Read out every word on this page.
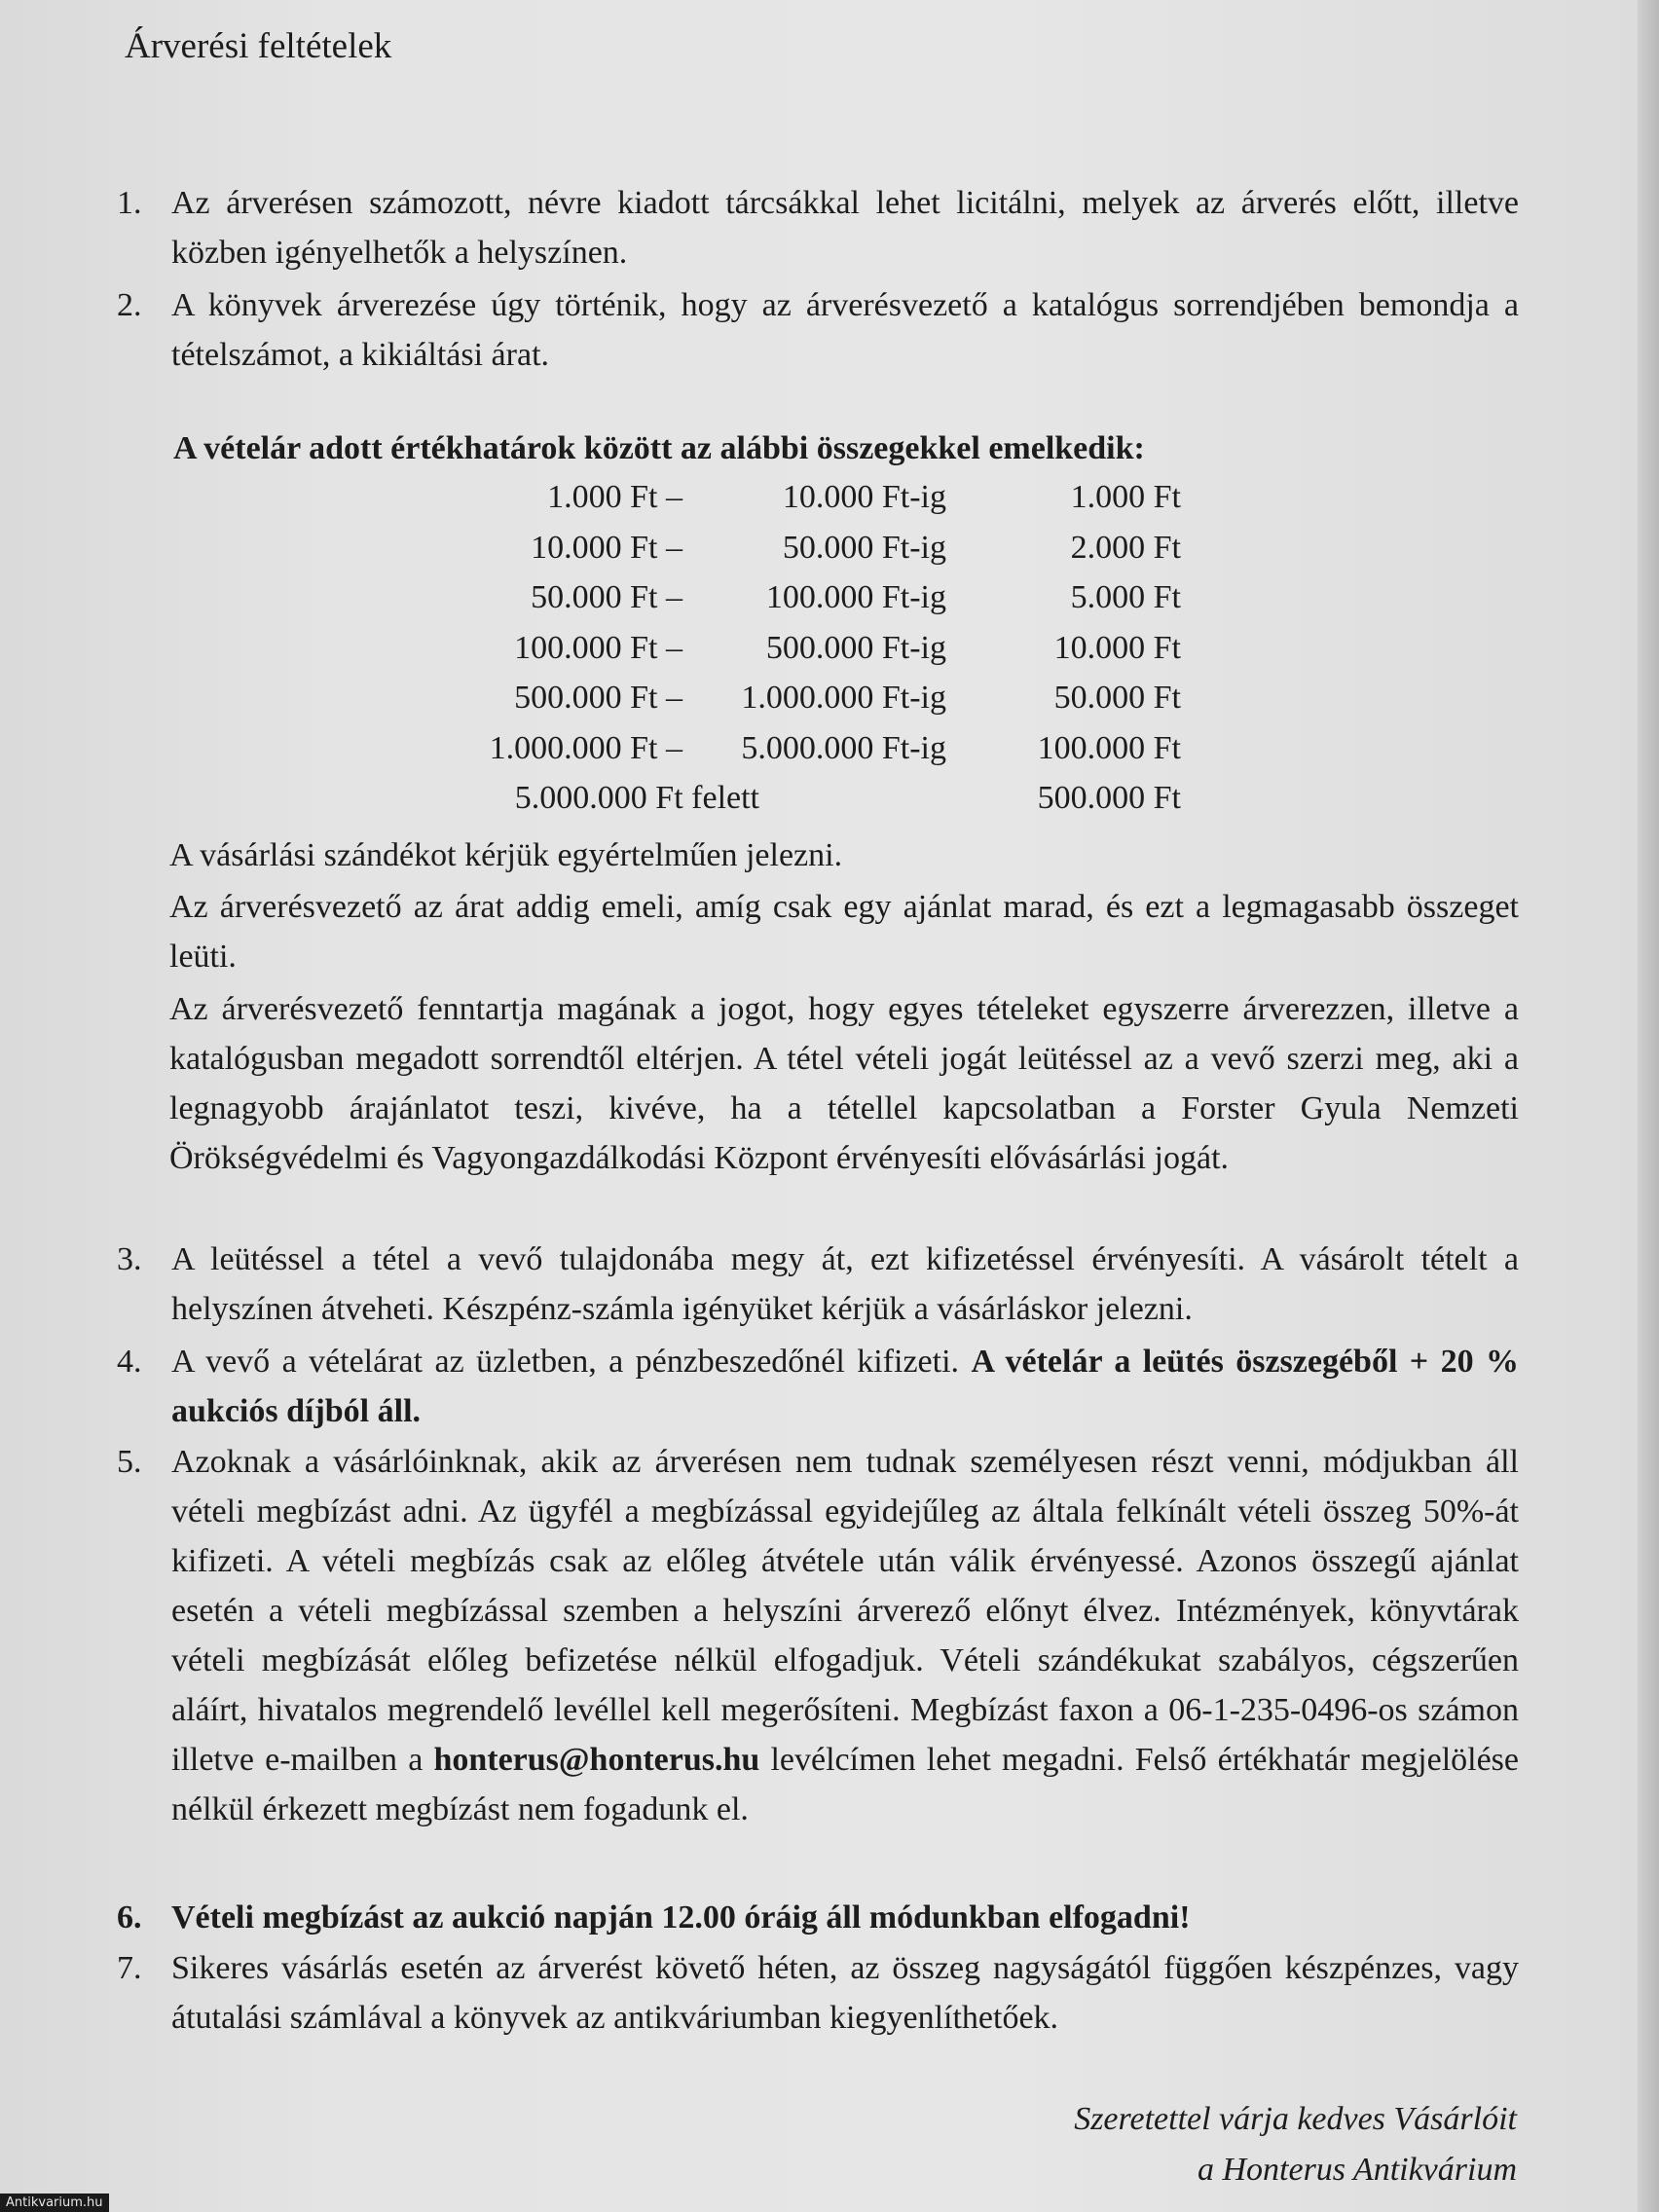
Árverési feltételek
1. Az árverésen számozott, névre kiadott tárcsákkal lehet licitálni, melyek az árverés előtt, illetve közben igényelhetők a helyszínen.
2. A könyvek árverezése úgy történik, hogy az árverésvezető a katalógus sorrendjében bemondja a tételszámot, a kikiáltási árat.
A vételár adott értékhatárok között az alábbi összegekkel emelkedik:
1.000 Ft –	10.000 Ft-ig	1.000 Ft
10.000 Ft –	50.000 Ft-ig	2.000 Ft
50.000 Ft –	100.000 Ft-ig	5.000 Ft
100.000 Ft –	500.000 Ft-ig	10.000 Ft
500.000 Ft – 1.000.000 Ft-ig	50.000 Ft
1.000.000 Ft – 5.000.000 Ft-ig	100.000 Ft
5.000.000 Ft felett	500.000 Ft
A vásárlási szándékot kérjük egyértelműen jelezni.
Az árverésvezető az árat addig emeli, amíg csak egy ajánlat marad, és ezt a legmagasabb összeget leüti.
Az árverésvezető fenntartja magának a jogot, hogy egyes tételeket egyszerre árverezzen, illetve a katalógusban megadott sorrendtől eltérjen. A tétel vételi jogát leütéssel az a vevő szerzi meg, aki a legnagyobb árajánlatot teszi, kivéve, ha a tétellel kapcsolatban a Forster Gyula Nemzeti Örökségvédelmi és Vagyongazdálkodási Központ érvényesíti elővásárlási jogát.
3. A leütéssel a tétel a vevő tulajdonába megy át, ezt kifizetéssel érvényesíti. A vásárolt tételt a helyszínen átveheti. Készpénz-számla igényüket kérjük a vásárláskor jelezni.
4. A vevő a vételárat az üzletben, a pénzbeszedőnél kifizeti. A vételár a leütés öszszegéből + 20 % aukciós díjból áll.
5. Azoknak a vásárlóinknak, akik az árverésen nem tudnak személyesen részt venni, módjukban áll vételi megbízást adni. Az ügyfél a megbízással egyidejűleg az általa felkínált vételi összeg 50%-át kifizeti. A vételi megbízás csak az előleg átvétele után válik érvényessé. Azonos összegű ajánlat esetén a vételi megbízással szemben a helyszíni árverező előnyt élvez. Intézmények, könyvtárak vételi megbízását előleg befizetése nélkül elfogadjuk. Vételi szándékukat szabályos, cégszerűen aláírt, hivatalos megrendelő levéllel kell megerősíteni. Megbízást faxon a 06-1-235-0496-os számon illetve e-mailben a honterus@honterus.hu levélcímen lehet megadni. Felső értékhatár megjelölése nélkül érkezett megbízást nem fogadunk el.
6. Vételi megbízást az aukció napján 12.00 óráig áll módunkban elfogadni!
7. Sikeres vásárlás esetén az árverést követő héten, az összeg nagyságától függően készpénzes, vagy átutalási számlával a könyvek az antikváriumban kiegyenlíthetőek.
Szeretettel várja kedves Vásárlóit
a Honterus Antikvárium
Antikvarium.hu
